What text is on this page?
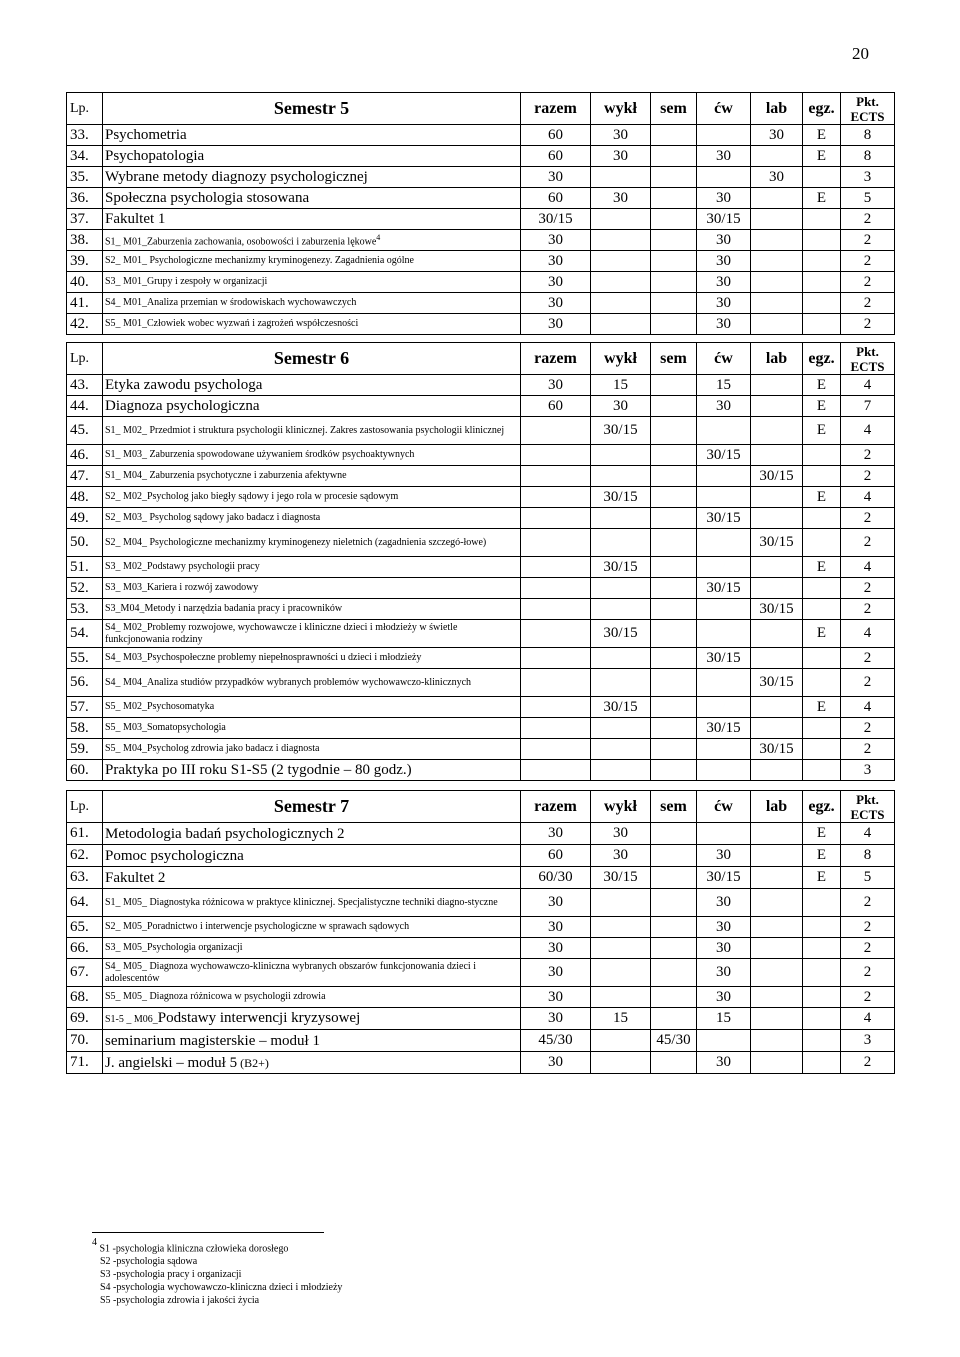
20
Lp.	Semestr 5	razem	wykł	sem	ćw	lab	egz.	Pkt.
ECTS

33.	Psychometria	60	30			30	E	8
34.	Psychopatologia	60	30		30		E	8
35.	Wybrane metody diagnozy psychologicznej	30				30		3
36.	Społeczna psychologia stosowana	60	30		30		E	5
37.	Fakultet 1	30/15			30/15			2
38.	S1_ M01_Zaburzenia zachowania, osobowości i zaburzenia lękowe$^4$	30			30			2
39.	S2_ M01_ Psychologiczne mechanizmy kryminogenezy. Zagadnienia ogólne	30			30			2
40.	S3_ M01_Grupy i zespoły w organizacji	30			30			2
41.	S4_ M01_Analiza przemian w środowiskach wychowawczych	30			30			2
42.	S5_ M01_Człowiek wobec wyzwań i zagrożeń współczesności	30			30			2
Lp.	Semestr 6	razem	wykł	sem	ćw	lab	egz.	Pkt.
ECTS

43.	Etyka zawodu psychologa	30	15		15		E	4
44.	Diagnoza psychologiczna	60	30		30		E	7
45.	S1_ M02_ Przedmiot i struktura psychologii klinicznej. Zakres zastosowania psychologii klinicznej		30/15				E	4
46.	S1_ M03_ Zaburzenia spowodowane używaniem środków psychoaktywnych				30/15			2
47.	S1_ M04_ Zaburzenia psychotyczne i zaburzenia afektywne					30/15		2
48.	S2_ M02_Psycholog jako biegły sądowy i jego rola w procesie sądowym		30/15				E	4
49.	S2_ M03_ Psycholog sądowy jako badacz i diagnosta				30/15			2
50.	S2_ M04_ Psychologiczne mechanizmy kryminogenezy nieletnich (zagadnienia szczegó-łowe)					30/15		2
51.	S3_ M02_Podstawy psychologii pracy		30/15				E	4
52.	S3_ M03_Kariera i rozwój zawodowy				30/15			2
53.	S3_M04_Metody i narzędzia badania pracy i pracowników					30/15		2
54.	S4_ M02_Problemy rozwojowe, wychowawcze i kliniczne dzieci i młodzieży w świetle funkcjonowania rodziny		30/15				E	4
55.	S4_ M03_Psychospołeczne problemy niepełnosprawności u dzieci i młodzieży				30/15			2
56.	S4_ M04_Analiza studiów przypadków wybranych problemów wychowawczo-klinicznych					30/15		2
57.	S5_ M02_Psychosomatyka		30/15				E	4
58.	S5_ M03_Somatopsychologia				30/15			2
59.	S5_ M04_Psycholog zdrowia jako badacz i diagnosta					30/15		2
60.	Praktyka po III roku S1-S5 (2 tygodnie – 80 godz.)							3
Lp.	Semestr 7	razem	wykł	sem	ćw	lab	egz.	Pkt.
ECTS

61.	Metodologia badań psychologicznych 2	30	30				E	4
62.	Pomoc psychologiczna	60	30		30		E	8
63.	Fakultet 2	60/30	30/15		30/15		E	5
64.	S1_ M05_ Diagnostyka różnicowa w praktyce klinicznej. Specjalistyczne techniki diagno-styczne	30			30			2
65.	S2_ M05_Poradnictwo i interwencje psychologiczne w sprawach sądowych	30			30			2
66.	S3_ M05_Psychologia organizacji	30			30			2
67.	S4_ M05_ Diagnoza wychowawczo-kliniczna wybranych obszarów funkcjonowania dzieci i adolescentów	30			30			2
68.	S5_ M05_ Diagnoza różnicowa w psychologii zdrowia	30			30			2
69.	S1-5 _ M06_Podstawy interwencji kryzysowej	30	15		15			4
70.	seminarium magisterskie – moduł 1	45/30		45/30				3
71.	J. angielski – moduł 5 (B2+)	30			30			2
$^4$ S1 -psychologia kliniczna człowieka dorosłego
S2 -psychologia sądowa
S3 -psychologia pracy i organizacji
S4 -psychologia wychowawczo-kliniczna dzieci i młodzieży
S5 -psychologia zdrowia i jakości życia
